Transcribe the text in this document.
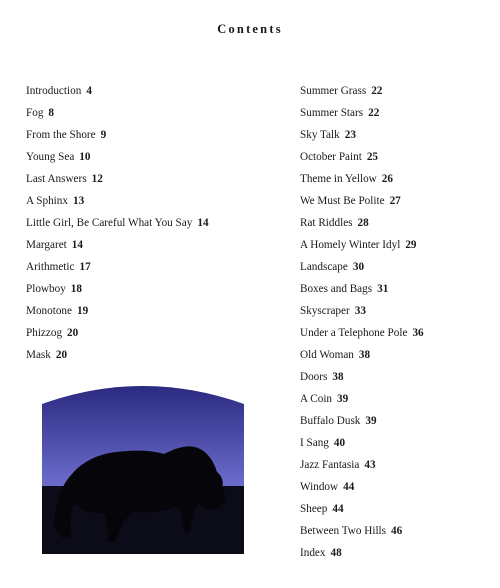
Contents
Introduction 4
Fog 8
From the Shore 9
Young Sea 10
Last Answers 12
A Sphinx 13
Little Girl, Be Careful What You Say 14
Margaret 14
Arithmetic 17
Plowboy 18
Monotone 19
Phizzog 20
Mask 20
Summer Grass 22
Summer Stars 22
Sky Talk 23
October Paint 25
Theme in Yellow 26
We Must Be Polite 27
Rat Riddles 28
A Homely Winter Idyl 29
Landscape 30
Boxes and Bags 31
Skyscraper 33
Under a Telephone Pole 36
Old Woman 38
Doors 38
A Coin 39
Buffalo Dusk 39
I Sang 40
Jazz Fantasia 43
Window 44
Sheep 44
Between Two Hills 46
Index 48
